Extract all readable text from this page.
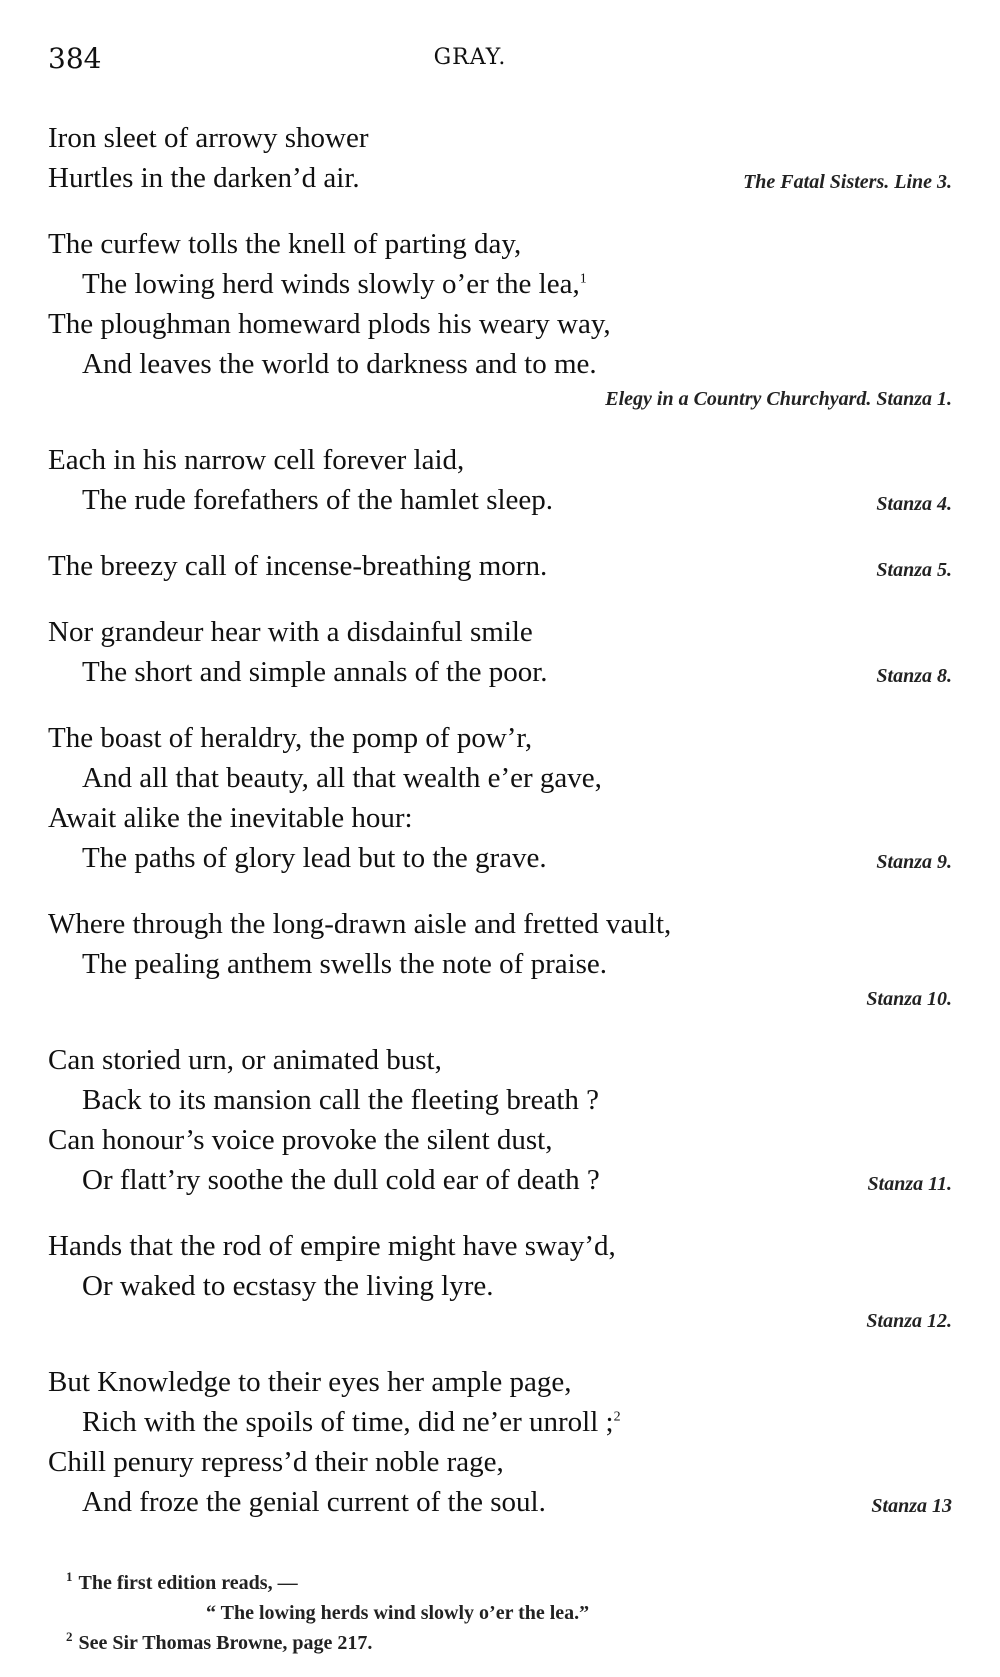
384	GRAY.
Iron sleet of arrowy shower
Hurtles in the darken’d air.	The Fatal Sisters. Line 3.
The curfew tolls the knell of parting day,
The lowing herd winds slowly o’er the lea,$^1$
The ploughman homeward plods his weary way,
And leaves the world to darkness and to me.
Elegy in a Country Churchyard. Stanza 1.
Each in his narrow cell forever laid,
The rude forefathers of the hamlet sleep.	Stanza 4.
The breezy call of incense-breathing morn.	Stanza 5.
Nor grandeur hear with a disdainful smile
The short and simple annals of the poor.	Stanza 8.
The boast of heraldry, the pomp of pow’r,
And all that beauty, all that wealth e’er gave,
Await alike the inevitable hour:
The paths of glory lead but to the grave.	Stanza 9.
Where through the long-drawn aisle and fretted vault,
The pealing anthem swells the note of praise.
Stanza 10.
Can storied urn, or animated bust,
Back to its mansion call the fleeting breath ?
Can honour’s voice provoke the silent dust,
Or flatt’ry soothe the dull cold ear of death ?	Stanza 11.
Hands that the rod of empire might have sway’d,
Or waked to ecstasy the living lyre.
Stanza 12.
But Knowledge to their eyes her ample page,
Rich with the spoils of time, did ne’er unroll ;$^2$
Chill penury repress’d their noble rage,
And froze the genial current of the soul.	Stanza 13
$^1$ The first edition reads, —
“ The lowing herds wind slowly o’er the lea.”
$^2$ See Sir Thomas Browne, page 217.
